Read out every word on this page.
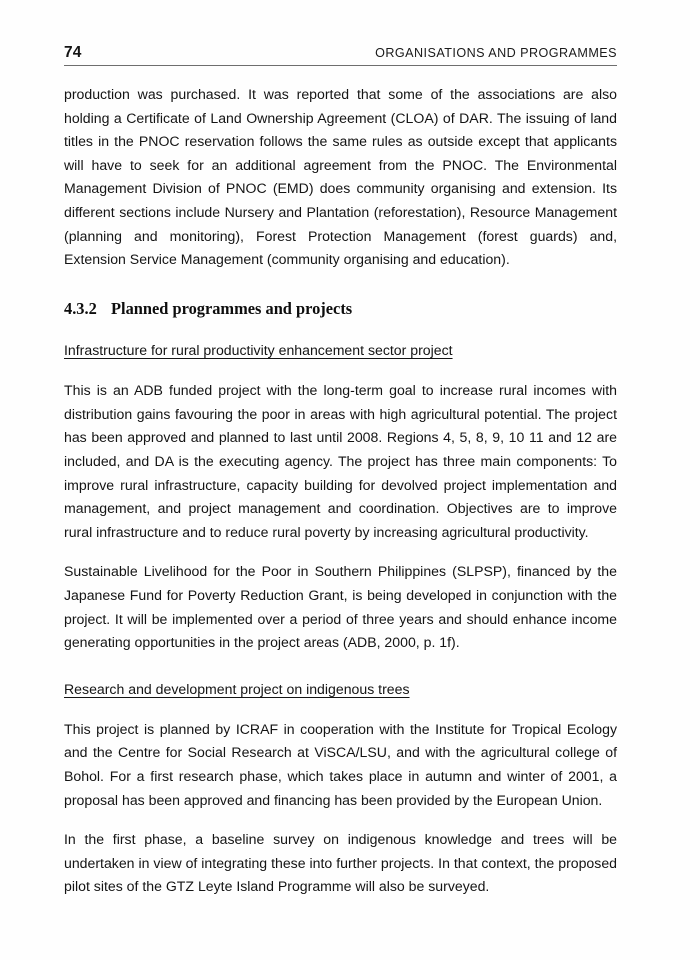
74	ORGANISATIONS AND PROGRAMMES

production was purchased. It was reported that some of the associations are also holding a Certificate of Land Ownership Agreement (CLOA) of DAR. The issuing of land titles in the PNOC reservation follows the same rules as outside except that applicants will have to seek for an additional agreement from the PNOC. The Environmental Management Division of PNOC (EMD) does community organising and extension. Its different sections include Nursery and Plantation (reforestation), Resource Management (planning and monitoring), Forest Protection Management (forest guards) and, Extension Service Management (community organising and education).

4.3.2 Planned programmes and projects
Infrastructure for rural productivity enhancement sector project

This is an ADB funded project with the long-term goal to increase rural incomes with distribution gains favouring the poor in areas with high agricultural potential. The project has been approved and planned to last until 2008. Regions 4, 5, 8, 9, 10 11 and 12 are included, and DA is the executing agency. The project has three main components: To improve rural infrastructure, capacity building for devolved project implementation and management, and project management and coordination. Objectives are to improve rural infrastructure and to reduce rural poverty by increasing agricultural productivity.

Sustainable Livelihood for the Poor in Southern Philippines (SLPSP), financed by the Japanese Fund for Poverty Reduction Grant, is being developed in conjunction with the project. It will be implemented over a period of three years and should enhance income generating opportunities in the project areas (ADB, 2000, p. 1f).

Research and development project on indigenous trees

This project is planned by ICRAF in cooperation with the Institute for Tropical Ecology and the Centre for Social Research at ViSCA/LSU, and with the agricultural college of Bohol. For a first research phase, which takes place in autumn and winter of 2001, a proposal has been approved and financing has been provided by the European Union.

In the first phase, a baseline survey on indigenous knowledge and trees will be undertaken in view of integrating these into further projects. In that context, the proposed pilot sites of the GTZ Leyte Island Programme will also be surveyed.
